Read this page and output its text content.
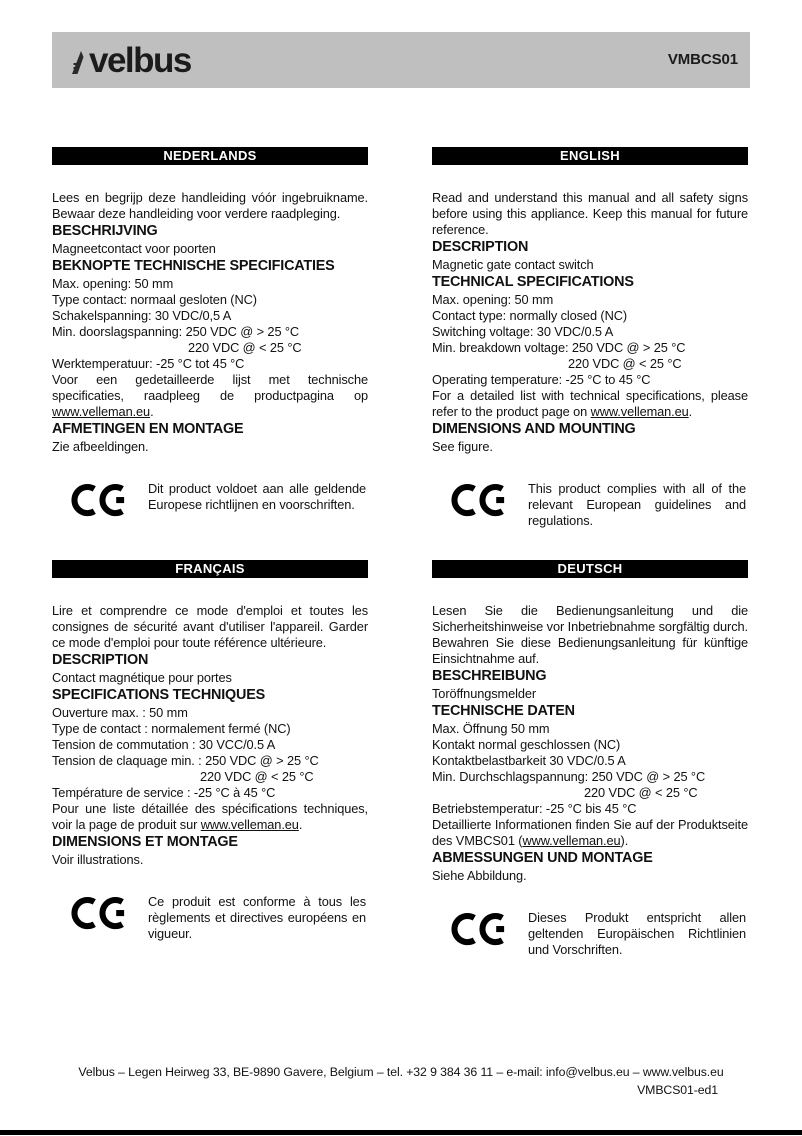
velbus	VMBCS01
NEDERLANDS
Lees en begrijp deze handleiding vóór ingebruikname. Bewaar deze handleiding voor verdere raadpleging.
BESCHRIJVING
Magneetcontact voor poorten
BEKNOPTE TECHNISCHE SPECIFICATIES
Max. opening: 50 mm
Type contact: normaal gesloten (NC)
Schakelspanning: 30 VDC/0,5 A
Min. doorslagspanning: 250 VDC @ > 25 °C
220 VDC @ < 25 °C
Werktemperatuur: -25 °C tot 45 °C
Voor een gedetailleerde lijst met technische specificaties, raadpleeg de productpagina op www.velleman.eu.
AFMETINGEN EN MONTAGE
Zie afbeeldingen.
Dit product voldoet aan alle geldende Europese richtlijnen en voorschriften.
ENGLISH
Read and understand this manual and all safety signs before using this appliance. Keep this manual for future reference.
DESCRIPTION
Magnetic gate contact switch
TECHNICAL SPECIFICATIONS
Max. opening: 50 mm
Contact type: normally closed (NC)
Switching voltage: 30 VDC/0.5 A
Min. breakdown voltage: 250 VDC @ > 25 °C
220 VDC @ < 25 °C
Operating temperature: -25 °C to 45 °C
For a detailed list with technical specifications, please refer to the product page on www.velleman.eu.
DIMENSIONS AND MOUNTING
See figure.
This product complies with all of the relevant European guidelines and regulations.
FRANÇAIS
Lire et comprendre ce mode d'emploi et toutes les consignes de sécurité avant d'utiliser l'appareil. Garder ce mode d'emploi pour toute référence ultérieure.
DESCRIPTION
Contact magnétique pour portes
SPECIFICATIONS TECHNIQUES
Ouverture max. : 50 mm
Type de contact : normalement fermé (NC)
Tension de commutation : 30 VCC/0.5 A
Tension de claquage min. : 250 VDC @ > 25 °C
220 VDC @ < 25 °C
Température de service : -25 °C à 45 °C
Pour une liste détaillée des spécifications techniques, voir la page de produit sur www.velleman.eu.
DIMENSIONS ET MONTAGE
Voir illustrations.
Ce produit est conforme à tous les règlements et directives européens en vigueur.
DEUTSCH
Lesen Sie die Bedienungsanleitung und die Sicherheitshinweise vor Inbetriebnahme sorgfältig durch. Bewahren Sie diese Bedienungsanleitung für künftige Einsichtnahme auf.
BESCHREIBUNG
Toröffnungsmelder
TECHNISCHE DATEN
Max. Öffnung 50 mm
Kontakt normal geschlossen (NC)
Kontaktbelastbarkeit 30 VDC/0.5 A
Min. Durchschlagspannung: 250 VDC @ > 25 °C
220 VDC @ < 25 °C
Betriebstemperatur: -25 °C bis 45 °C
Detaillierte Informationen finden Sie auf der Produktseite des VMBCS01 (www.velleman.eu).
ABMESSUNGEN UND MONTAGE
Siehe Abbildung.
Dieses Produkt entspricht allen geltenden Europäischen Richtlinien und Vorschriften.
Velbus – Legen Heirweg 33, BE-9890 Gavere, Belgium – tel. +32 9 384 36 11 – e-mail: info@velbus.eu – www.velbus.eu
VMBCS01-ed1
